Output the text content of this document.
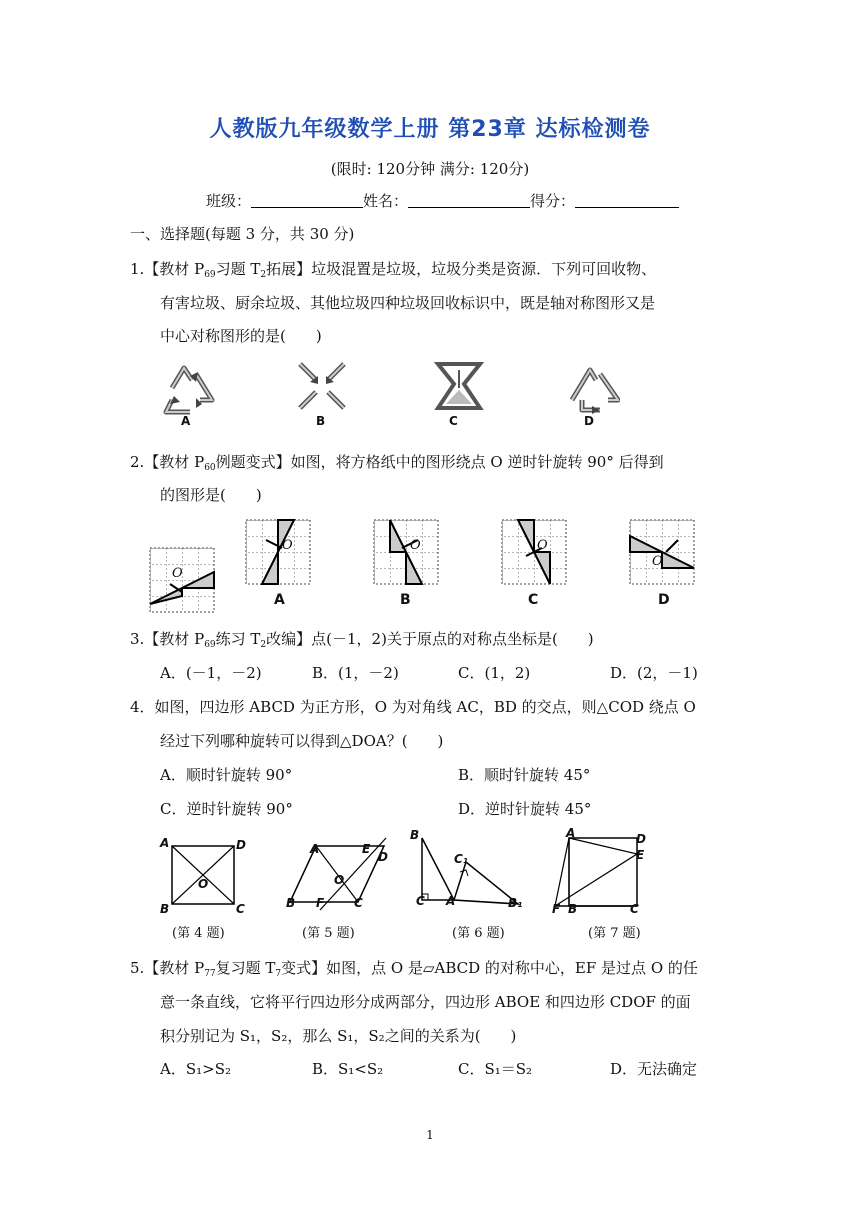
人教版九年级数学上册 第23章 达标检测卷
(限时: 120分钟 满分: 120分)
班级：	姓名：	得分：
一、选择题(每题 3 分，共 30 分)
1.【教材 $P_{69}$习题 $T_2$拓展】垃圾混置是垃圾，垃圾分类是资源．下列可回收物、
有害垃圾、厨余垃圾、其他垃圾四种垃圾回收标识中，既是轴对称图形又是
中心对称图形的是(　　)
A	B	C	D
2.【教材 $P_{60}$例题变式】如图，将方格纸中的图形绕点 O 逆时针旋转 90° 后得到
的图形是(　　)
O
O	O	O
O
A	B	C	D
3.【教材 $P_{69}$练习 $T_2$改编】点(－1，2)关于原点的对称点坐标是(　　)
A．(－1，－2)	B．(1，－2)	C．(1，2)	D．(2，－1)
4．如图，四边形 ABCD 为正方形，O 为对角线 AC，BD 的交点，则△COD 绕点 O
经过下列哪种旋转可以得到△DOA？(　　)
A．顺时针旋转 90°	B．顺时针旋转 45°
C．逆时针旋转 90°	D．逆时针旋转 45°
A	D
O
B	C
(第 4 题)
A	E
D
O
B F C
(第 5 题)
B
C₁
C A	B₁
(第 6 题)
A	D
E
F B	C
(第 7 题)
5.【教材 $P_{77}$复习题 $T_7$变式】如图，点 O 是▱ABCD 的对称中心，EF 是过点 O 的任
意一条直线，它将平行四边形分成两部分，四边形 ABOE 和四边形 CDOF 的面
积分别记为 S₁，S₂，那么 S₁，S₂之间的关系为(　　)
A．S₁>S₂	B．S₁<S₂	C．S₁＝S₂	D．无法确定
1
